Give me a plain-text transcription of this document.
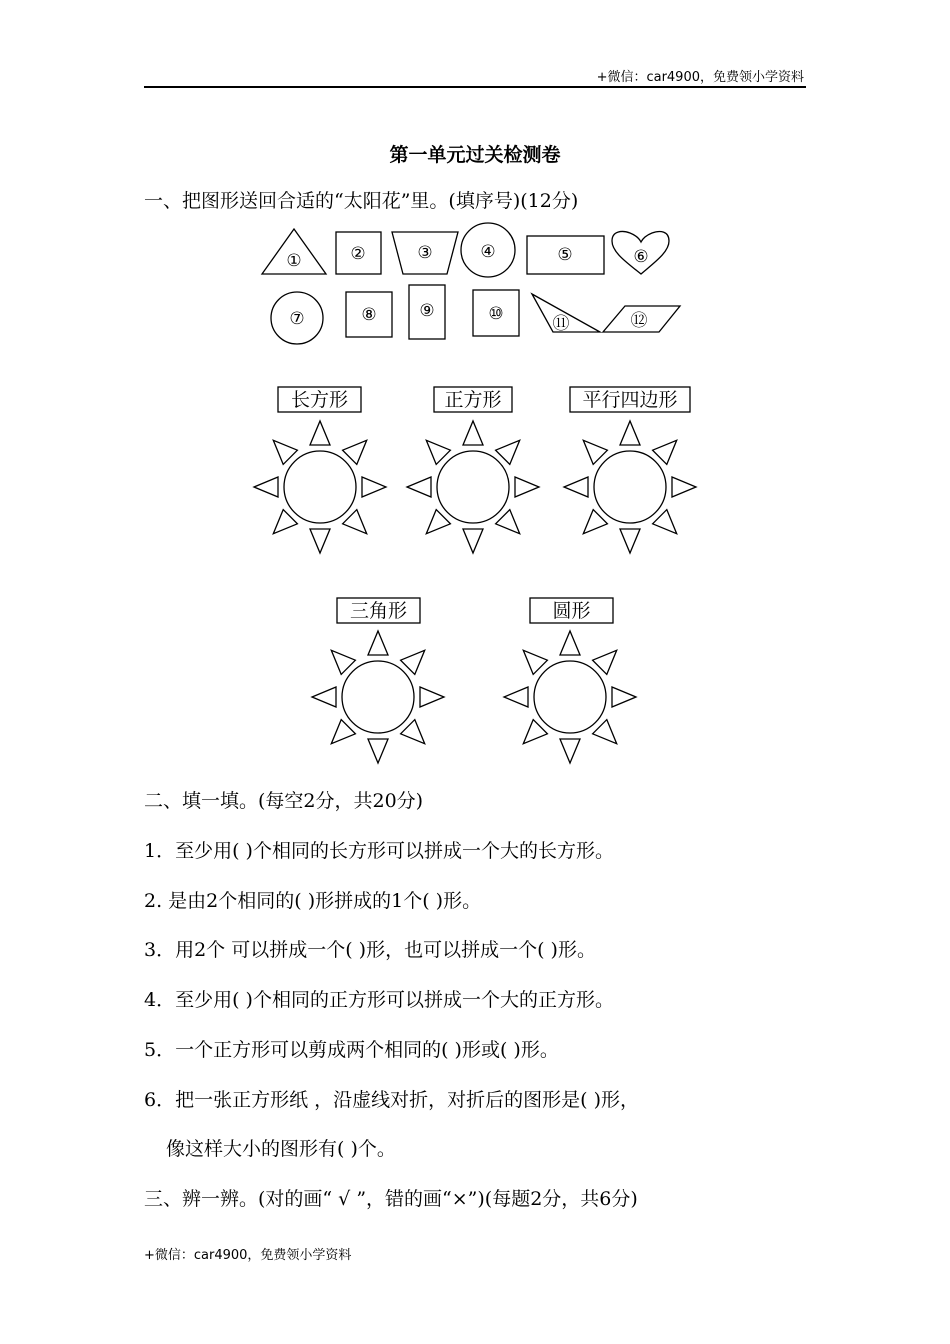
+微信：car4900，免费领小学资料
第一单元过关检测卷
一、把图形送回合适的“太阳花”里。(填序号)(12分)
①	②	③	④	⑤	⑥
⑦	⑧	⑨	⑩	⑪	⑫
长方形	正方形	平行四边形
三角形	圆形
二、填一填。(每空2分，共20分)
1．至少用( )个相同的长方形可以拼成一个大的长方形。
2. 是由2个相同的( )形拼成的1个( )形。
3．用2个 可以拼成一个( )形，也可以拼成一个( )形。
4．至少用( )个相同的正方形可以拼成一个大的正方形。
5．一个正方形可以剪成两个相同的( )形或( )形。
6．把一张正方形纸 ，沿虚线对折，对折后的图形是( )形，
像这样大小的图形有( )个。
三、辨一辨。(对的画“ √ ”，错的画“×”)(每题2分，共6分)
+微信：car4900，免费领小学资料
